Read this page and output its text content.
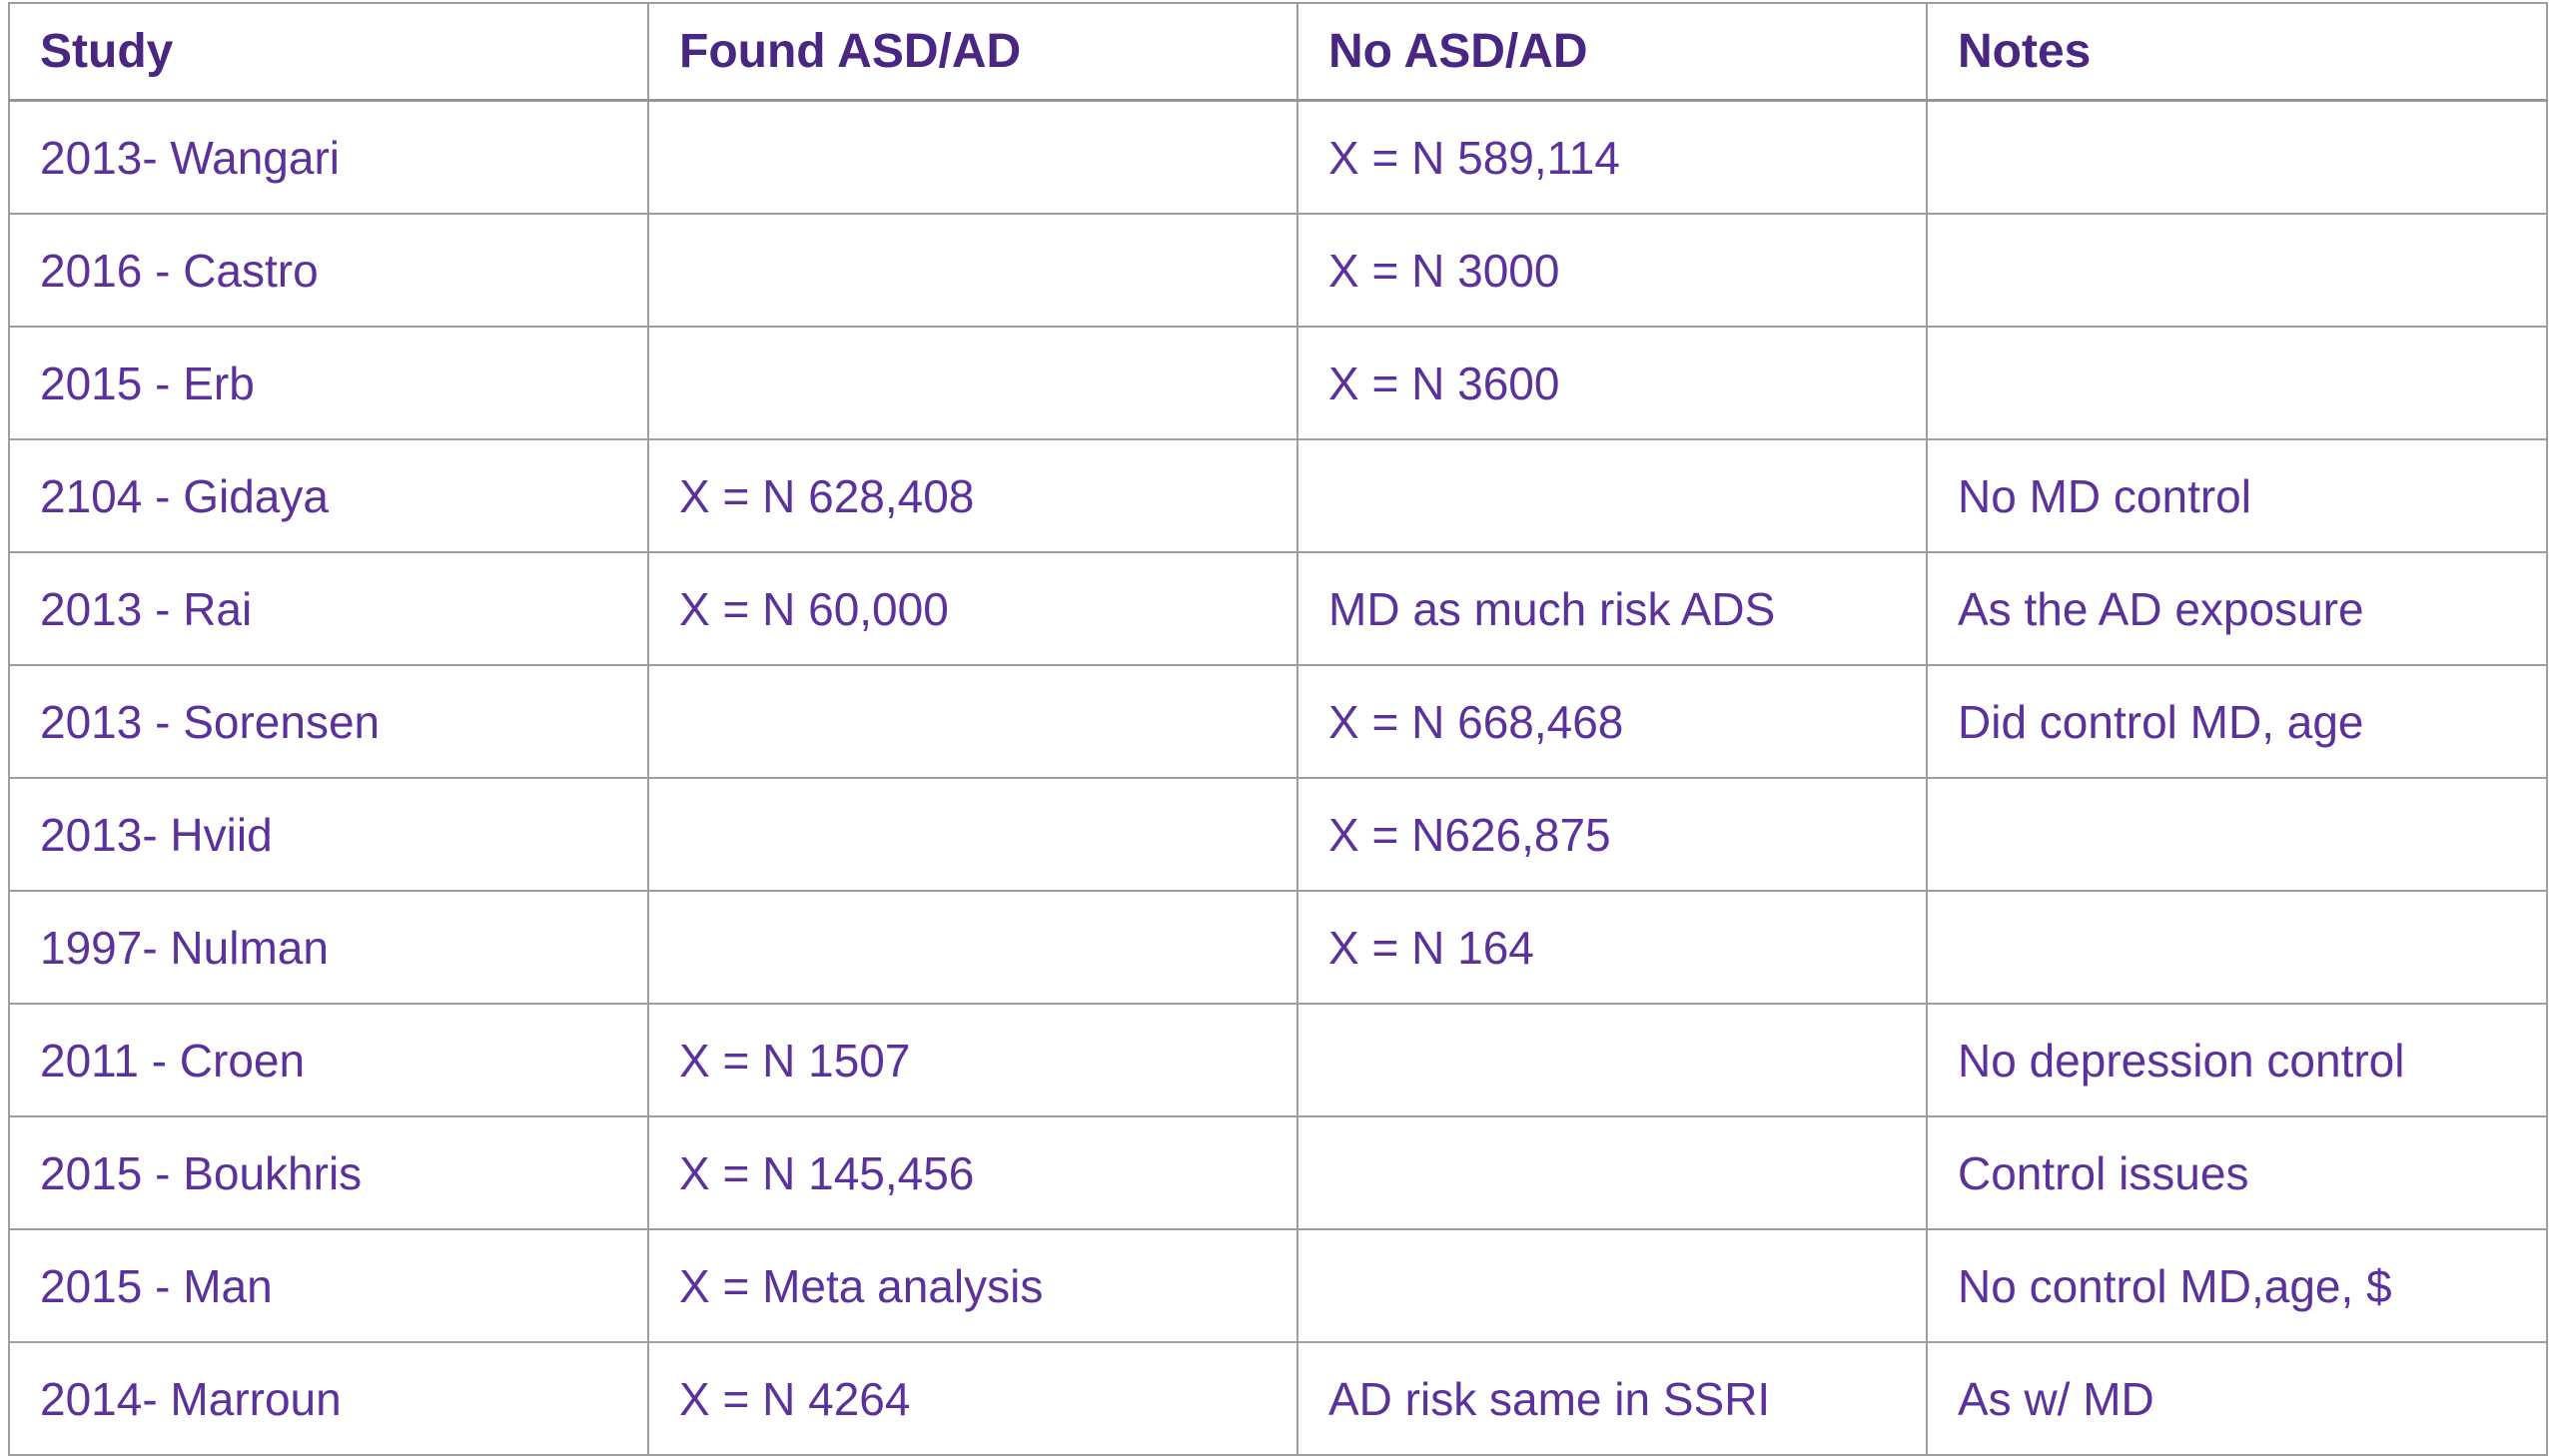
Study	Found ASD/AD	No ASD/AD	Notes
2013- Wangari		X = N 589,114	
2016 - Castro		X = N 3000	
2015 - Erb		X = N 3600	
2104 - Gidaya	X = N 628,408		No MD control
2013 - Rai	X = N 60,000	MD as much risk ADS	As the AD exposure
2013 - Sorensen		X = N 668,468	Did control MD, age
2013- Hviid		X = N626,875	
1997- Nulman		X = N 164	
2011 - Croen	X = N 1507		No depression control
2015 - Boukhris	X = N 145,456		Control issues
2015 - Man	X = Meta analysis		No control MD,age, $
2014- Marroun	X = N 4264	AD risk same in SSRI	As w/ MD
